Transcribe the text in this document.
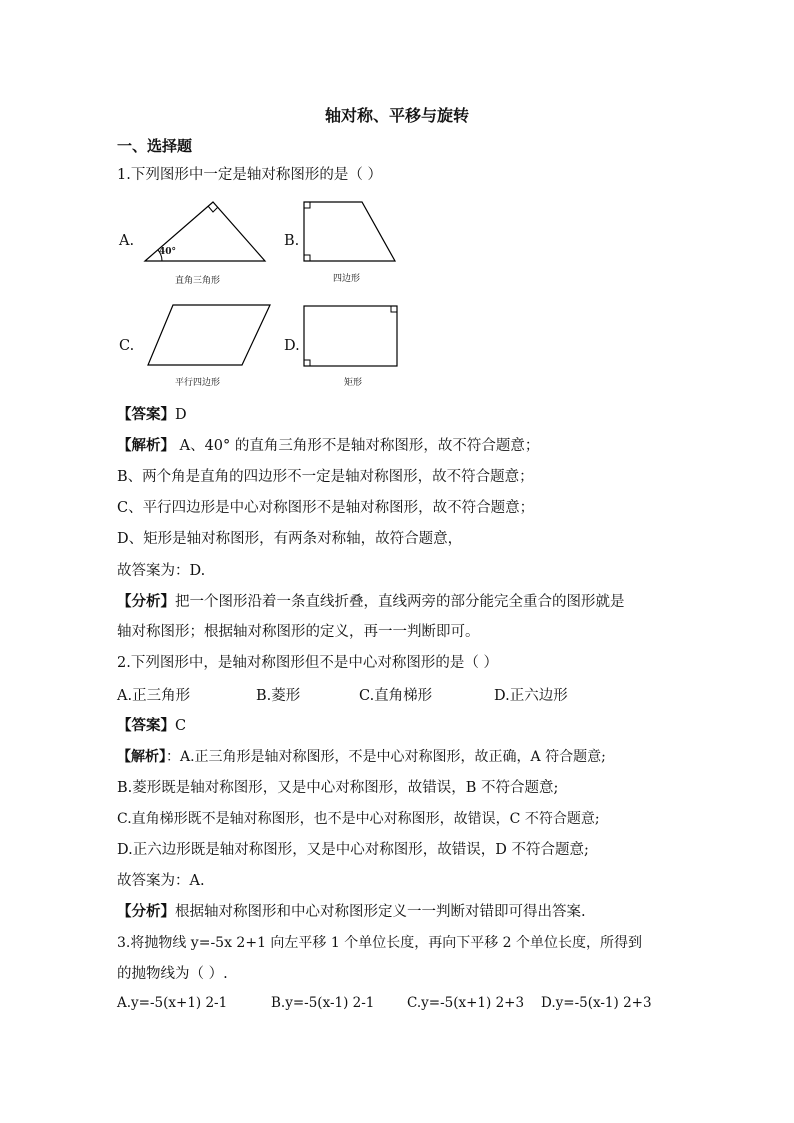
轴对称、平移与旋转
一、选择题
1.下列图形中一定是轴对称图形的是（ ）
A.
40°
直角三角形
B.
四边形
C.
平行四边形
D.
矩形
【答案】D
【解析】 A、40° 的直角三角形不是轴对称图形，故不符合题意；
B、两个角是直角的四边形不一定是轴对称图形，故不符合题意；
C、平行四边形是中心对称图形不是轴对称图形，故不符合题意；
D、矩形是轴对称图形，有两条对称轴，故符合题意，
故答案为：D.
【分析】把一个图形沿着一条直线折叠，直线两旁的部分能完全重合的图形就是
轴对称图形；根据轴对称图形的定义，再一一判断即可。
2.下列图形中，是轴对称图形但不是中心对称图形的是（ ）
A.正三角形	B.菱形	C.直角梯形	D.正六边形
【答案】C
【解析】：A.正三角形是轴对称图形，不是中心对称图形，故正确，A 符合题意;
B.菱形既是轴对称图形，又是中心对称图形，故错误，B 不符合题意;
C.直角梯形既不是轴对称图形，也不是中心对称图形，故错误，C 不符合题意;
D.正六边形既是轴对称图形，又是中心对称图形，故错误，D 不符合题意;
故答案为：A.
【分析】根据轴对称图形和中心对称图形定义一一判断对错即可得出答案.
3.将抛物线 y=-5x 2+1 向左平移 1 个单位长度，再向下平移 2 个单位长度，所得到
的抛物线为（ ）.
A.y=-5(x+1) 2-1	B.y=-5(x-1) 2-1 C.y=-5(x+1) 2+3 D.y=-5(x-1) 2+3
